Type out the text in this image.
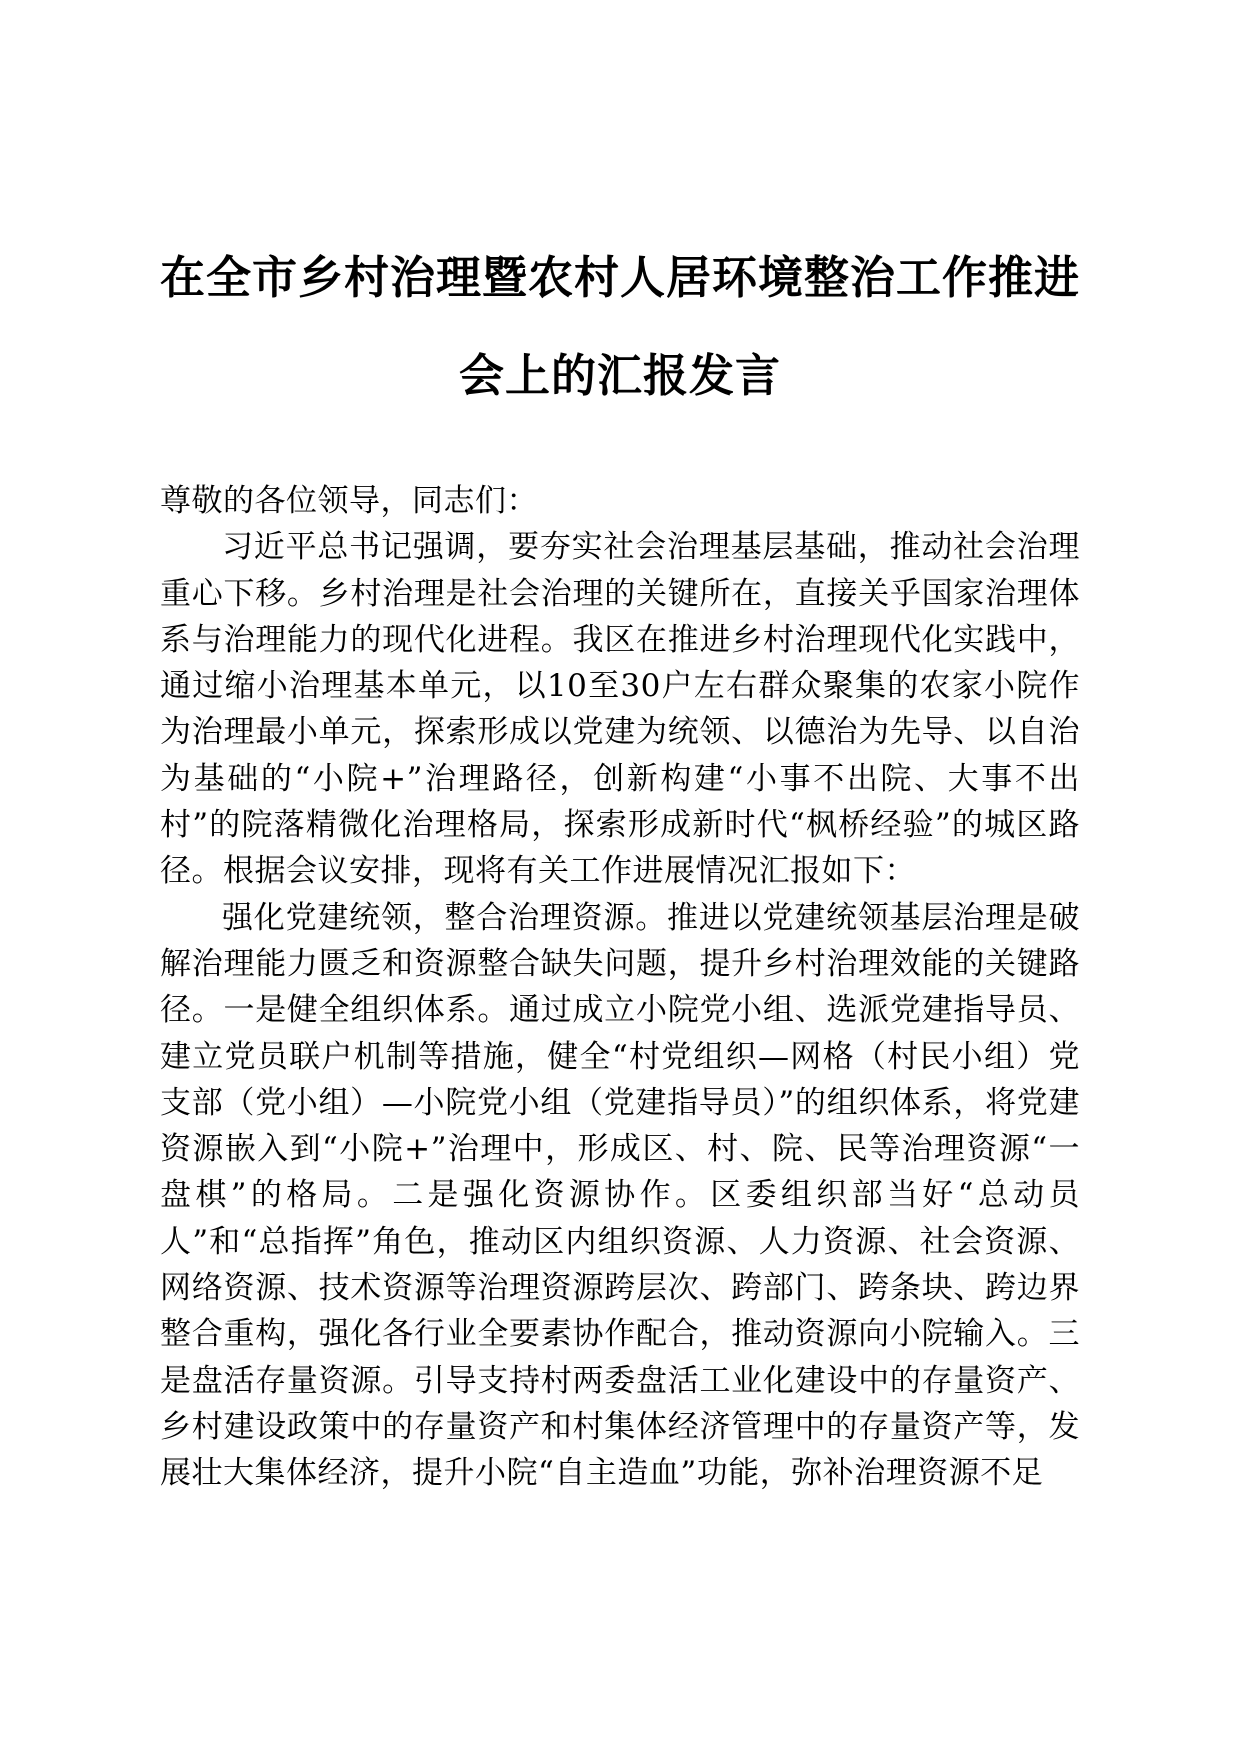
在全市乡村治理暨农村人居环境整治工作推进
会上的汇报发言

尊敬的各位领导，同志们：

习近平总书记强调，要夯实社会治理基层基础，推动社会治理重心下移。乡村治理是社会治理的关键所在，直接关乎国家治理体系与治理能力的现代化进程。我区在推进乡村治理现代化实践中，通过缩小治理基本单元，以10至30户左右群众聚集的农家小院作为治理最小单元，探索形成以党建为统领、以德治为先导、以自治为基础的“小院+”治理路径，创新构建“小事不出院、大事不出村”的院落精微化治理格局，探索形成新时代“枫桥经验”的城区路径。根据会议安排，现将有关工作进展情况汇报如下：

强化党建统领，整合治理资源。推进以党建统领基层治理是破解治理能力匮乏和资源整合缺失问题，提升乡村治理效能的关键路径。一是健全组织体系。通过成立小院党小组、选派党建指导员、建立党员联户机制等措施，健全“村党组织—网格（村民小组）党支部（党小组）—小院党小组（党建指导员）”的组织体系，将党建资源嵌入到“小院+”治理中，形成区、村、院、民等治理资源“一盘棋”的格局。二是强化资源协作。区委组织部当好“总动员人”和“总指挥”角色，推动区内组织资源、人力资源、社会资源、网络资源、技术资源等治理资源跨层次、跨部门、跨条块、跨边界整合重构，强化各行业全要素协作配合，推动资源向小院输入。三是盘活存量资源。引导支持村两委盘活工业化建设中的存量资产、乡村建设政策中的存量资产和村集体经济管理中的存量资产等，发展壮大集体经济，提升小院“自主造血”功能，弥补治理资源不足
